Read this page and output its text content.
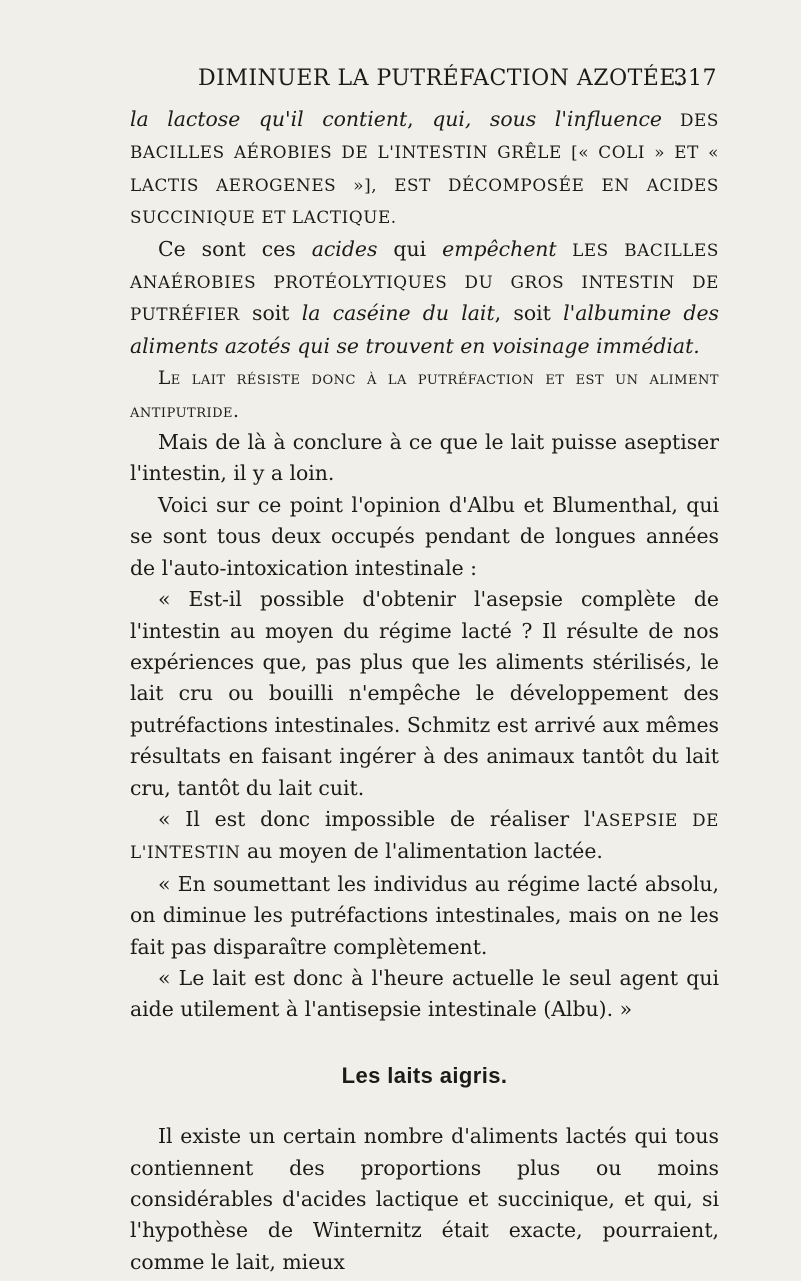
DIMINUER LA PUTRÉFACTION AZOTÉE.
317

la lactose qu'il contient, qui, sous l'influence DES BACILLES AÉROBIES DE L'INTESTIN GRÊLE [« COLI » ET « LACTIS AEROGENES »], EST DÉCOMPOSÉE EN ACIDES SUCCINIQUE ET LACTIQUE.

Ce sont ces acides qui empêchent LES BACILLES ANAÉROBIES PROTÉOLYTIQUES DU GROS INTESTIN DE PUTRÉFIER soit la caséine du lait, soit l'albumine des aliments azotés qui se trouvent en voisinage immédiat.

Le lait résiste donc à la putréfaction et est un aliment antiputride.

Mais de là à conclure à ce que le lait puisse aseptiser l'intestin, il y a loin.

Voici sur ce point l'opinion d'Albu et Blumenthal, qui se sont tous deux occupés pendant de longues années de l'auto-intoxication intestinale :

« Est-il possible d'obtenir l'asepsie complète de l'intestin au moyen du régime lacté ? Il résulte de nos expériences que, pas plus que les aliments stérilisés, le lait cru ou bouilli n'empêche le développement des putréfactions intestinales. Schmitz est arrivé aux mêmes résultats en faisant ingérer à des animaux tantôt du lait cru, tantôt du lait cuit.

« Il est donc impossible de réaliser l'ASEPSIE DE L'INTESTIN au moyen de l'alimentation lactée.

« En soumettant les individus au régime lacté absolu, on diminue les putréfactions intestinales, mais on ne les fait pas disparaître complètement.

« Le lait est donc à l'heure actuelle le seul agent qui aide utilement à l'antisepsie intestinale (Albu). »

Les laits aigris.

Il existe un certain nombre d'aliments lactés qui tous contiennent des proportions plus ou moins considérables d'acides lactique et succinique, et qui, si l'hypothèse de Winternitz était exacte, pourraient, comme le lait, mieux
